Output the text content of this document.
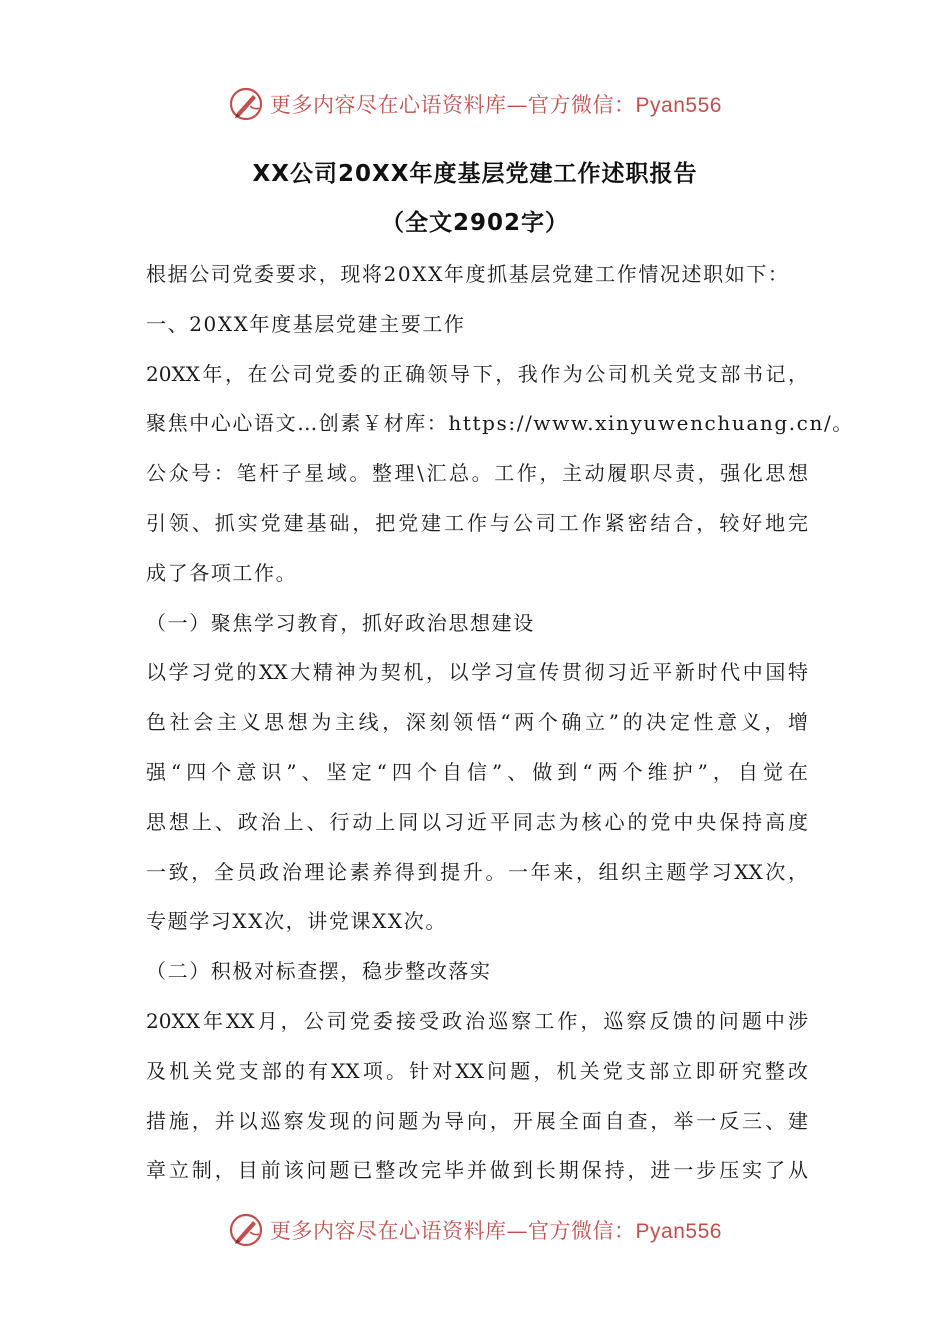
更多内容尽在心语资料库—官方微信：Pyan556
XX公司20XX年度基层党建工作述职报告
（全文2902字）
根据公司党委要求，现将20XX年度抓基层党建工作情况述职如下：
一、20XX年度基层党建主要工作
20XX年，在公司党委的正确领导下，我作为公司机关党支部书记，
聚焦中心心语文…创素￥材库：https://www.xinyuwenchuang.cn/。
公众号：笔杆子星域。整理\汇总。工作，主动履职尽责，强化思想
引领、抓实党建基础，把党建工作与公司工作紧密结合，较好地完
成了各项工作。
（一）聚焦学习教育，抓好政治思想建设
以学习党的XX大精神为契机，以学习宣传贯彻习近平新时代中国特
色社会主义思想为主线，深刻领悟“两个确立”的决定性意义，增
强“四个意识”、坚定“四个自信”、做到“两个维护”，自觉在
思想上、政治上、行动上同以习近平同志为核心的党中央保持高度
一致，全员政治理论素养得到提升。一年来，组织主题学习XX次，
专题学习XX次，讲党课XX次。
（二）积极对标查摆，稳步整改落实
20XX年XX月，公司党委接受政治巡察工作，巡察反馈的问题中涉
及机关党支部的有XX项。针对XX问题，机关党支部立即研究整改
措施，并以巡察发现的问题为导向，开展全面自查，举一反三、建
章立制，目前该问题已整改完毕并做到长期保持，进一步压实了从
更多内容尽在心语资料库—官方微信：Pyan556
